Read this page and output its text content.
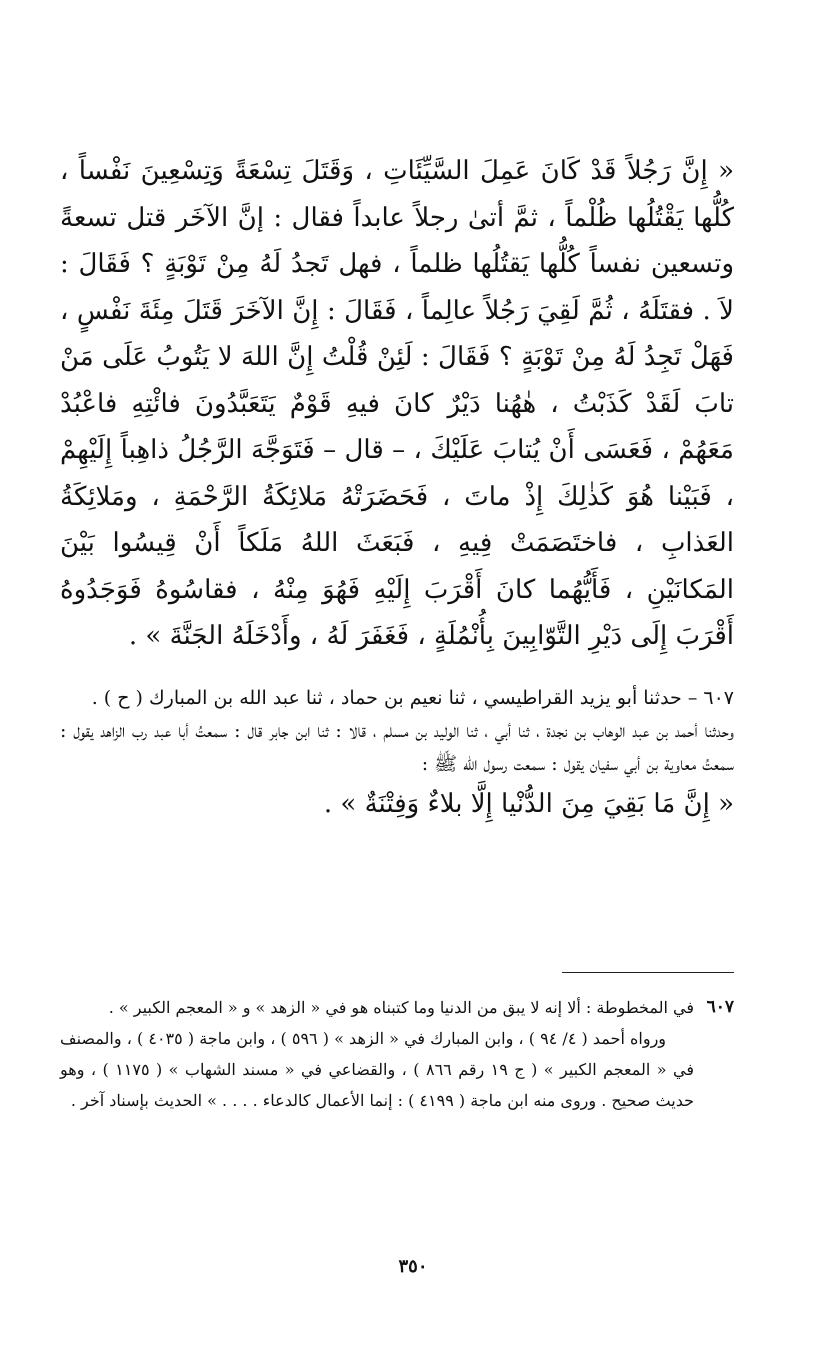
« إِنَّ رَجُلاً قَدْ كَانَ عَمِلَ السَّيِّئَاتِ ، وَقَتَلَ تِسْعَةً وَتِسْعِينَ نَفْساً ، كُلُّها يَقْتُلُها ظُلْماً ، ثمَّ أتىٰ رجلاً عابداً فقال : إنَّ الآخَر قتل تسعةً وتسعين نفساً كُلُّها يَقتُلُها ظلماً ، فهل تَجدُ لَهُ مِنْ تَوْبَةٍ ؟ فَقَالَ : لاَ . فقتَلَهُ ، ثُمَّ لَقِيَ رَجُلاً عالِماً ، فَقَالَ : إِنَّ الآخَرَ قَتَلَ مِئَةَ نَفْسٍ ، فَهَلْ تَجِدُ لَهُ مِنْ تَوْبَةٍ ؟ فَقَالَ : لَئِنْ قُلْتُ إِنَّ اللهَ لا يَتُوبُ عَلَى مَنْ تابَ لَقَدْ كَذَبْتُ ، هٰهُنا دَيْرٌ كانَ فيهِ قَوْمٌ يَتَعَبَّدُونَ فائْتِهِ فاعْبُدْ مَعَهُمْ ، فَعَسَى أَنْ يُتابَ عَلَيْكَ ، – قال – فَتَوَجَّهَ الرَّجُلُ ذاهِباً إِلَيْهِمْ ، فَبَيْنا هُوَ كَذٰلِكَ إِذْ ماتَ ، فَحَضَرَتْهُ مَلائِكَةُ الرَّحْمَةِ ، ومَلائِكَةُ العَذابِ ، فاختَصَمَتْ فِيهِ ، فَبَعَثَ اللهُ مَلَكاً أَنْ قِيسُوا بَيْنَ المَكانَيْنِ ، فَأَيُّهُما كانَ أَقْرَبَ إِلَيْهِ فَهُوَ مِنْهُ ، فقاسُوهُ فَوَجَدُوهُ أَقْرَبَ إِلَى دَيْرِ التَّوّابِينَ بِأُنْمُلَةٍ ، فَغَفَرَ لَهُ ، وأَدْخَلَهُ الجَنَّةَ » .

٦٠٧ – حدثنا أبو يزيد القراطيسي ، ثنا نعيم بن حماد ، ثنا عبد الله بن المبارك ( ح ) .

وحدثنا أحمد بن عبد الوهاب بن نجدة ، ثنا أبي ، ثنا الوليد بن مسلم ، قالا : ثنا ابن جابر قال : سمعتُ أبا عبد رب الزاهد يقول : سمعتُ معاوية بن أبي سفيان يقول : سمعت رسول الله ﷺ :

« إِنَّ مَا بَقِيَ مِنَ الدُّنْيا إِلَّا بلاءٌ وَفِتْنَةٌ » .

٦٠٧

في المخطوطة : ألا إنه لا يبق من الدنيا وما كتبناه هو في « الزهد » و « المعجم الكبير » .

ورواه أحمد ( ٤/ ٩٤ ) ، وابن المبارك في « الزهد » ( ٥٩٦ ) ، وابن ماجة ( ٤٠٣٥ ) ، والمصنف في « المعجم الكبير » ( ج ١٩ رقم ٨٦٦ ) ، والقضاعي في « مسند الشهاب » ( ١١٧٥ ) ، وهو حديث صحيح . وروى منه ابن ماجة ( ٤١٩٩ ) : إنما الأعمال كالدعاء . . . . » الحديث بإسناد آخر .

٣٥٠
